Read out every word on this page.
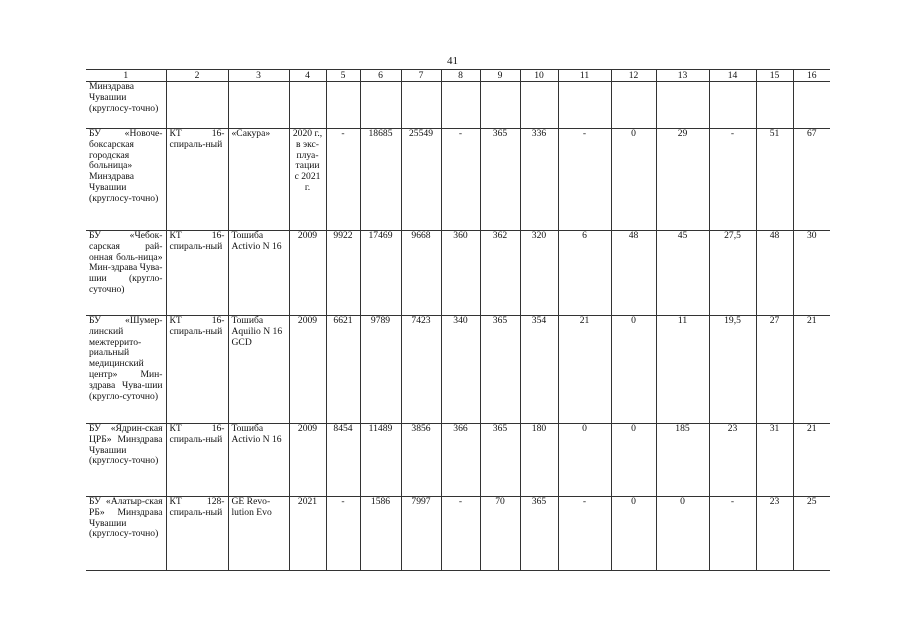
41
1	2	3	4	5	6	7	8	9	10	11	12	13	14	15	16
Минздрава Чувашии (круглосу-точно)															
БУ «Новоче-боксарская городская больница» Минздрава Чувашии (круглосу-точно)	КТ 16-спираль-ный	«Сакура»	2020 г., в экс-плуа-тации с 2021 г.	-	18685	25549	-	365	336	-	0	29	-	51	67
БУ «Чебок-сарская рай-онная боль-ница» Мин-здрава Чува-шии (кругло-суточно)	КТ 16-спираль-ный	Тошиба Activio N 16	2009	9922	17469	9668	360	362	320	6	48	45	27,5	48	30
БУ «Шумер-линский межтеррито-риальный медицинский центр» Мин-здрава Чува-шии (кругло-суточно)	КТ 16-спираль-ный	Тошиба Aquilio N 16 GCD	2009	6621	9789	7423	340	365	354	21	0	11	19,5	27	21
БУ «Ядрин-ская ЦРБ» Минздрава Чувашии (круглосу-точно)	КТ 16-спираль-ный	Тошиба Activio N 16	2009	8454	11489	3856	366	365	180	0	0	185	23	31	21
БУ «Алатыр-ская РБ» Минздрава Чувашии (круглосу-точно)	КТ 128-спираль-ный	GE Revo-lution Evo	2021	-	1586	7997	-	70	365	-	0	0	-	23	25
